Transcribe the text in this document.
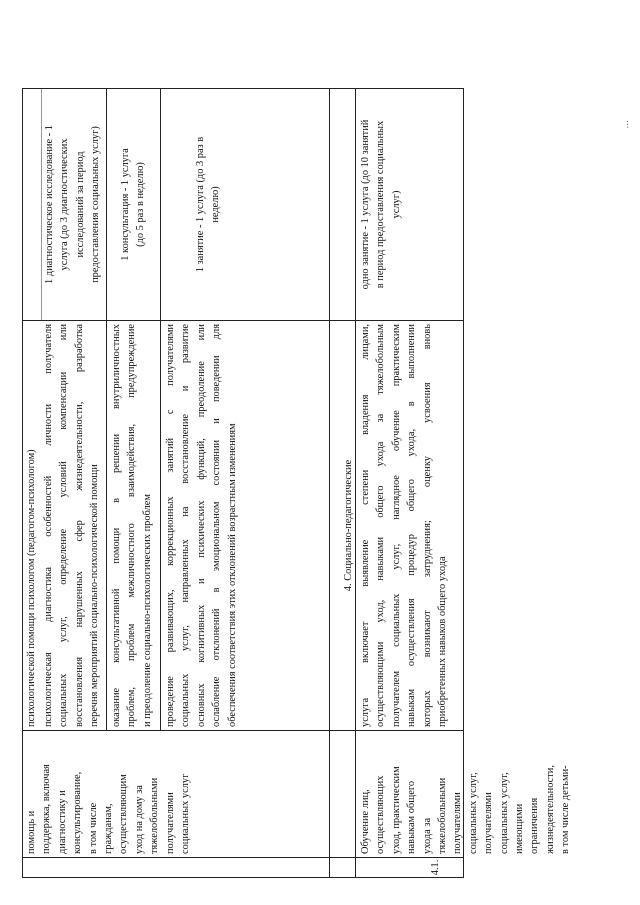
помощь и поддержка, включая диагностику и консультирование, в том числе гражданам, осуществляющим уход на дому за тяжелобольными получателями социальных услуг
психологической помощи психологом (педагогом-психологом) психологическая диагностика особенностей личности получателя социальных услуг, определение условий компенсации или восстановления нарушенных сфер жизнедеятельности, разработка перечня мероприятий социально-психологической помощи оказание консультативной помощи в решении внутриличностных проблем, проблем межличностного взаимодействия, предупреждение и преодоление социально-психологических проблем проведение развивающих, коррекционных занятий с получателями социальных услуг, направленных на восстановление и развитие основных когнитивных и психических функций, преодоление или ослабление отклонений в эмоциональном состоянии и поведении для обеспечения соответствия этих отклонений возрастным изменениям
1 диагностическое исследование - 1 услуга (до 3 диагностических исследований за период предоставления социальных услуг) 1 консультация - 1 услуга (до 5 раз в неделю)	1 занятие - 1 услуга (до 3 раз в неделю)
4. Социально-педагогические
4.1.
Обучение лиц, осуществляющих уход, практическим навыкам общего ухода за тяжелобольными получателями социальных услуг, получателями социальных услуг, имеющими ограничения жизнедеятельности, в том числе детьми-
услуга включает выявление степени владения лицами, осуществляющими уход, навыками общего ухода за тяжелобольным получателем социальных услуг, наглядное обучение практическим навыкам осуществления процедур общего ухода, в выполнении которых возникают затруднения; оценку усвоения вновь приобретенных навыков общего ухода
одно занятие - 1 услуга (до 10 занятий в период предоставления социальных услуг)
...
